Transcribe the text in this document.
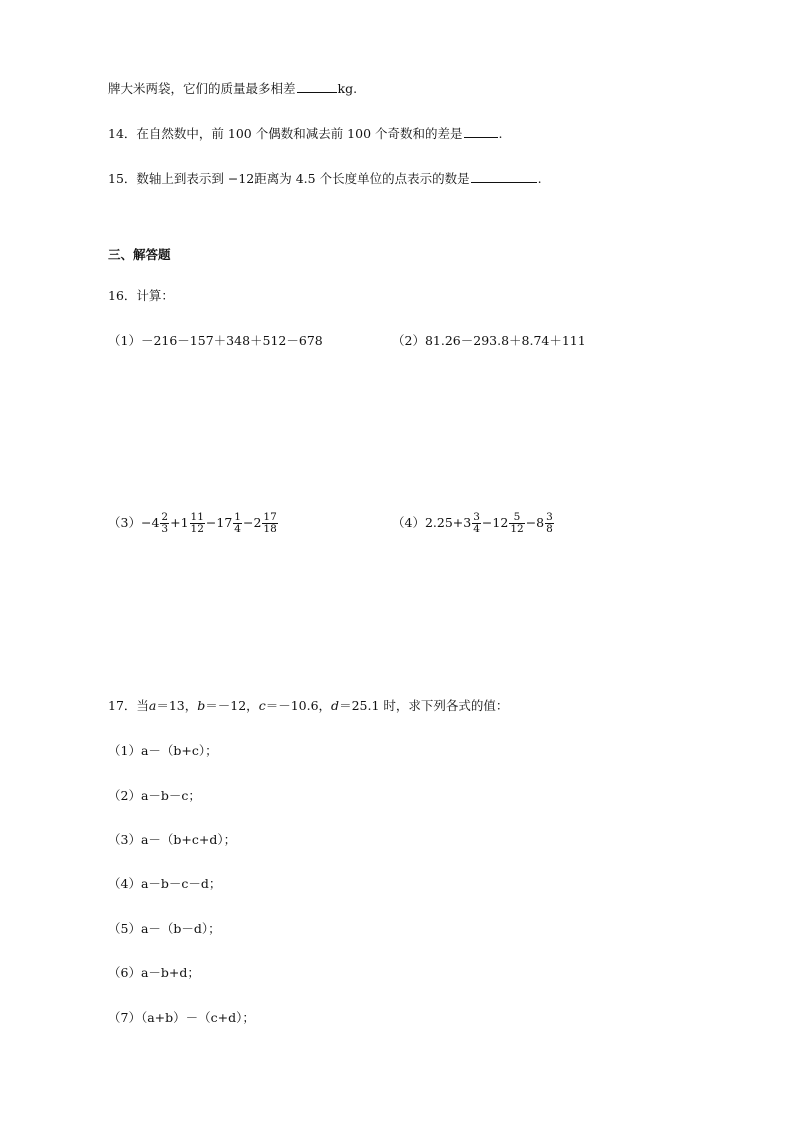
牌大米两袋，它们的质量最多相差	kg.
14．在自然数中，前 100 个偶数和减去前 100 个奇数和的差是	.
15．数轴上到表示到 −12距离为 4.5 个长度单位的点表示的数是	.
三、解答题
16．计算：
（1）－216－157＋348＋512－678	（2）81.26－293.8＋8.74＋111
$(3)-4 \frac{2}{3} +1 \frac{11}{12} -17 \frac{1}{4} -2 \frac{17}{18}$	$(4)2.25+3 \frac{3}{4} -12 \frac{5}{12} -8 \frac{3}{8}$
17．当a＝13，b＝－12，c＝－10.6，d＝25.1 时，求下列各式的值：
（1）a－（b+c）；
（2）a－b－c；
（3）a－（b+c+d）；
（4）a－b－c－d；
（5）a－（b－d）；
（6）a－b+d；
（7）（a+b）－（c+d）；
